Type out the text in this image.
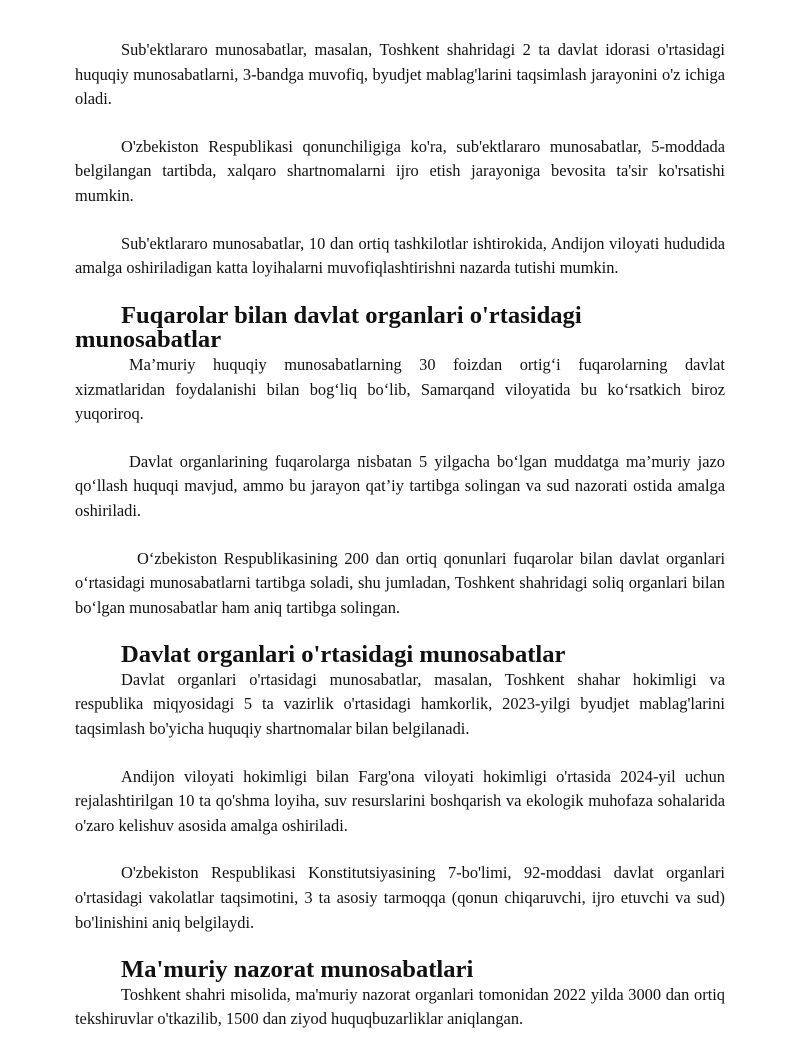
Sub'ektlararo munosabatlar, masalan, Toshkent shahridagi 2 ta davlat idorasi o'rtasidagi huquqiy munosabatlarni, 3-bandga muvofiq, byudjet mablag'larini taqsimlash jarayonini o'z ichiga oladi.

O'zbekiston Respublikasi qonunchiligiga ko'ra, sub'ektlararo munosabatlar, 5-moddada belgilangan tartibda, xalqaro shartnomalarni ijro etish jarayoniga bevosita ta'sir ko'rsatishi mumkin.

Sub'ektlararo munosabatlar, 10 dan ortiq tashkilotlar ishtirokida, Andijon viloyati hududida amalga oshiriladigan katta loyihalarni muvofiqlashtirishni nazarda tutishi mumkin.

Fuqarolar bilan davlat organlari o'rtasidagi munosabatlar

Ma’muriy huquqiy munosabatlarning 30 foizdan ortig‘i fuqarolarning davlat xizmatlaridan foydalanishi bilan bog‘liq bo‘lib, Samarqand viloyatida bu ko‘rsatkich biroz yuqoriroq.

Davlat organlarining fuqarolarga nisbatan 5 yilgacha bo‘lgan muddatga ma’muriy jazo qo‘llash huquqi mavjud, ammo bu jarayon qat’iy tartibga solingan va sud nazorati ostida amalga oshiriladi.

O‘zbekiston Respublikasining 200 dan ortiq qonunlari fuqarolar bilan davlat organlari o‘rtasidagi munosabatlarni tartibga soladi, shu jumladan, Toshkent shahridagi soliq organlari bilan bo‘lgan munosabatlar ham aniq tartibga solingan.

Davlat organlari o'rtasidagi munosabatlar

Davlat organlari o'rtasidagi munosabatlar, masalan, Toshkent shahar hokimligi va respublika miqyosidagi 5 ta vazirlik o'rtasidagi hamkorlik, 2023-yilgi byudjet mablag'larini taqsimlash bo'yicha huquqiy shartnomalar bilan belgilanadi.

Andijon viloyati hokimligi bilan Farg'ona viloyati hokimligi o'rtasida 2024-yil uchun rejalashtirilgan 10 ta qo'shma loyiha, suv resurslarini boshqarish va ekologik muhofaza sohalarida o'zaro kelishuv asosida amalga oshiriladi.

O'zbekiston Respublikasi Konstitutsiyasining 7-bo'limi, 92-moddasi davlat organlari o'rtasidagi vakolatlar taqsimotini, 3 ta asosiy tarmoqqa (qonun chiqaruvchi, ijro etuvchi va sud) bo'linishini aniq belgilaydi.

Ma'muriy nazorat munosabatlari

Toshkent shahri misolida, ma'muriy nazorat organlari tomonidan 2022 yilda 3000 dan ortiq tekshiruvlar o'tkazilib, 1500 dan ziyod huquqbuzarliklar aniqlangan.
